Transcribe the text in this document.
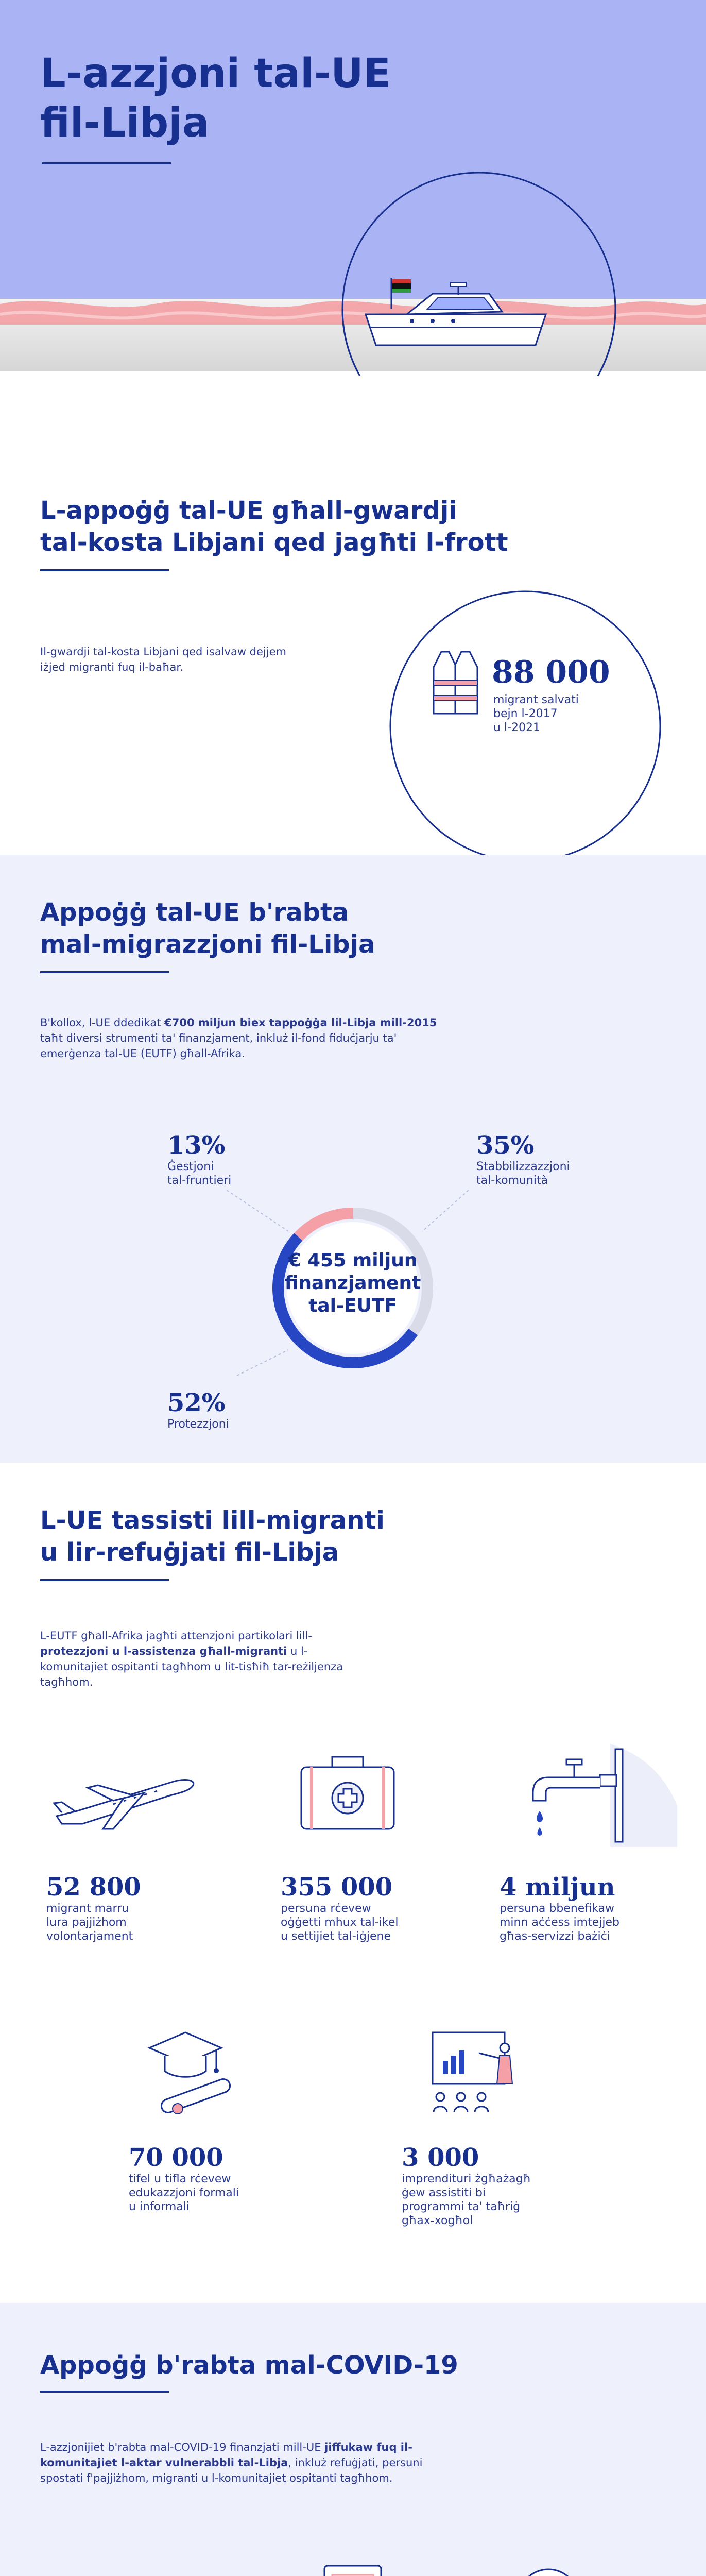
L-azzjoni tal-UE
fil-Libja
L-appoġġ tal-UE għall-gwardji
tal-kosta Libjani qed jagħti l-frott
Il-gwardji tal-kosta Libjani qed isalvaw dejjem iżjed migranti fuq il-baħar.	88 000
migrant salvati
bejn l-2017
u l-2021
Appoġġ tal-UE b'rabta
mal-migrazzjoni fil-Libja
B'kollox, l-UE ddedikat €700 miljun biex tappoġġa lil-Libja mill-2015 taħt diversi strumenti ta' finanzjament, inkluż il-fond fiduċjarju ta' emerġenza tal-UE (EUTF) għall-Afrika.
€ 455 miljun
finanzjament
tal-EUTF
13%
Ġestjoni
tal-fruntieri
35%
Stabbilizzazzjoni
tal-komunità
52%
Protezzjoni
L-UE tassisti lill-migranti
u lir-refuġjati fil-Libja
L-EUTF għall-Afrika jagħti attenzjoni partikolari lill-protezzjoni u l-assistenza għall-migranti u l-komunitajiet ospitanti tagħhom u lit-tisħiħ tar-reżiljenza tagħhom.
52 800
migrant marru
lura pajjiżhom
volontarjament
355 000
persuna rċevew
oġġetti mhux tal-ikel
u settijiet tal-iġjene
4 miljun
persuna bbenefikaw
minn aċċess imtejjeb
għas-servizzi bażiċi
70 000
tifel u tifla rċevew
edukazzjoni formali
u informali
3 000
imprendituri żgħażagħ
ġew assistiti bi
programmi ta' taħriġ
għax-xogħol
Appoġġ b'rabta mal-COVID-19
L-azzjonijiet b'rabta mal-COVID-19 finanzjati mill-UE jiffukaw fuq il-komunitajiet l-aktar vulnerabbli tal-Libja, inkluż refuġjati, persuni spostati f'pajjiżhom, migranti u l-komunitajiet ospitanti tagħhom.
